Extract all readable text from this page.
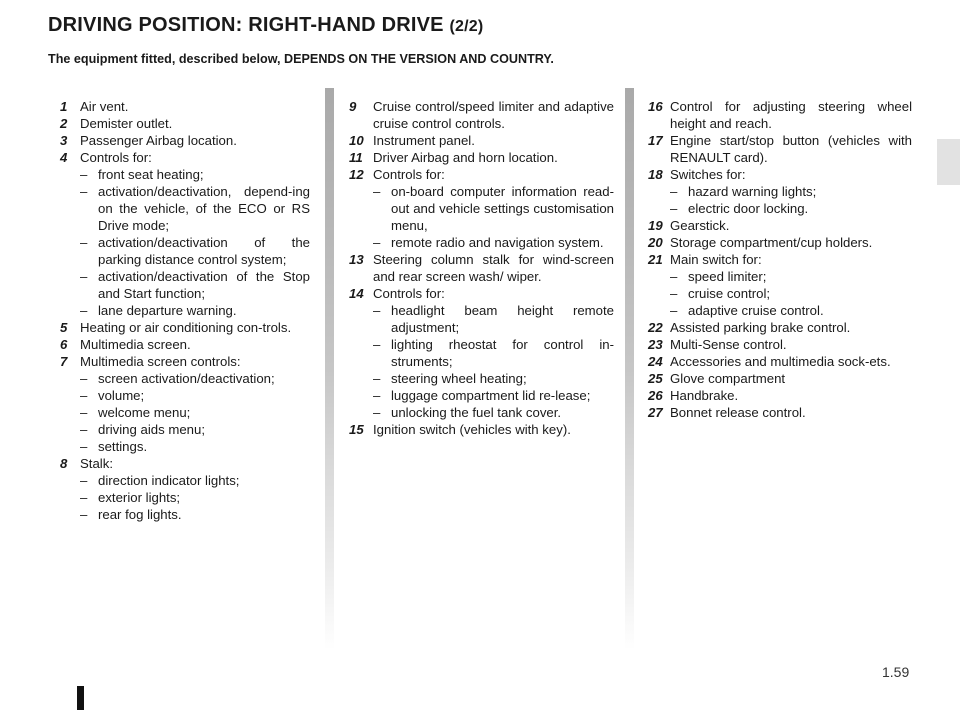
DRIVING POSITION: RIGHT-HAND DRIVE (2/2)
The equipment fitted, described below, DEPENDS ON THE VERSION AND COUNTRY.
1 Air vent.
2 Demister outlet.
3 Passenger Airbag location.
4 Controls for:
– front seat heating;
– activation/deactivation, depend-ing on the vehicle, of the ECO or RS Drive mode;
– activation/deactivation of the parking distance control system;
– activation/deactivation of the Stop and Start function;
– lane departure warning.
5 Heating or air conditioning con-trols.
6 Multimedia screen.
7 Multimedia screen controls:
– screen activation/deactivation;
– volume;
– welcome menu;
– driving aids menu;
– settings.
8 Stalk:
– direction indicator lights;
– exterior lights;
– rear fog lights.
9	Cruise control/speed limiter and adaptive cruise control controls.
10 Instrument panel.
11 Driver Airbag and horn location.
12 Controls for:
– on-board computer information read-out and vehicle settings customisation menu,
– remote radio and navigation system.
13 Steering column stalk for wind-screen and rear screen wash/ wiper.
14 Controls for:
– headlight beam height remote adjustment;
– lighting rheostat for control in-struments;
– steering wheel heating;
– luggage compartment lid re-lease;
– unlocking the fuel tank cover.
15 Ignition switch (vehicles with key).
16 Control for adjusting steering wheel height and reach.
17 Engine start/stop button (vehicles with RENAULT card).
18 Switches for:
– hazard warning lights;
– electric door locking.
19 Gearstick.
20 Storage compartment/cup holders.
21 Main switch for:
– speed limiter;
– cruise control;
– adaptive cruise control.
22 Assisted parking brake control.
23 Multi-Sense control.
24 Accessories and multimedia sock-ets.
25 Glove compartment
26 Handbrake.
27 Bonnet release control.
1.59
